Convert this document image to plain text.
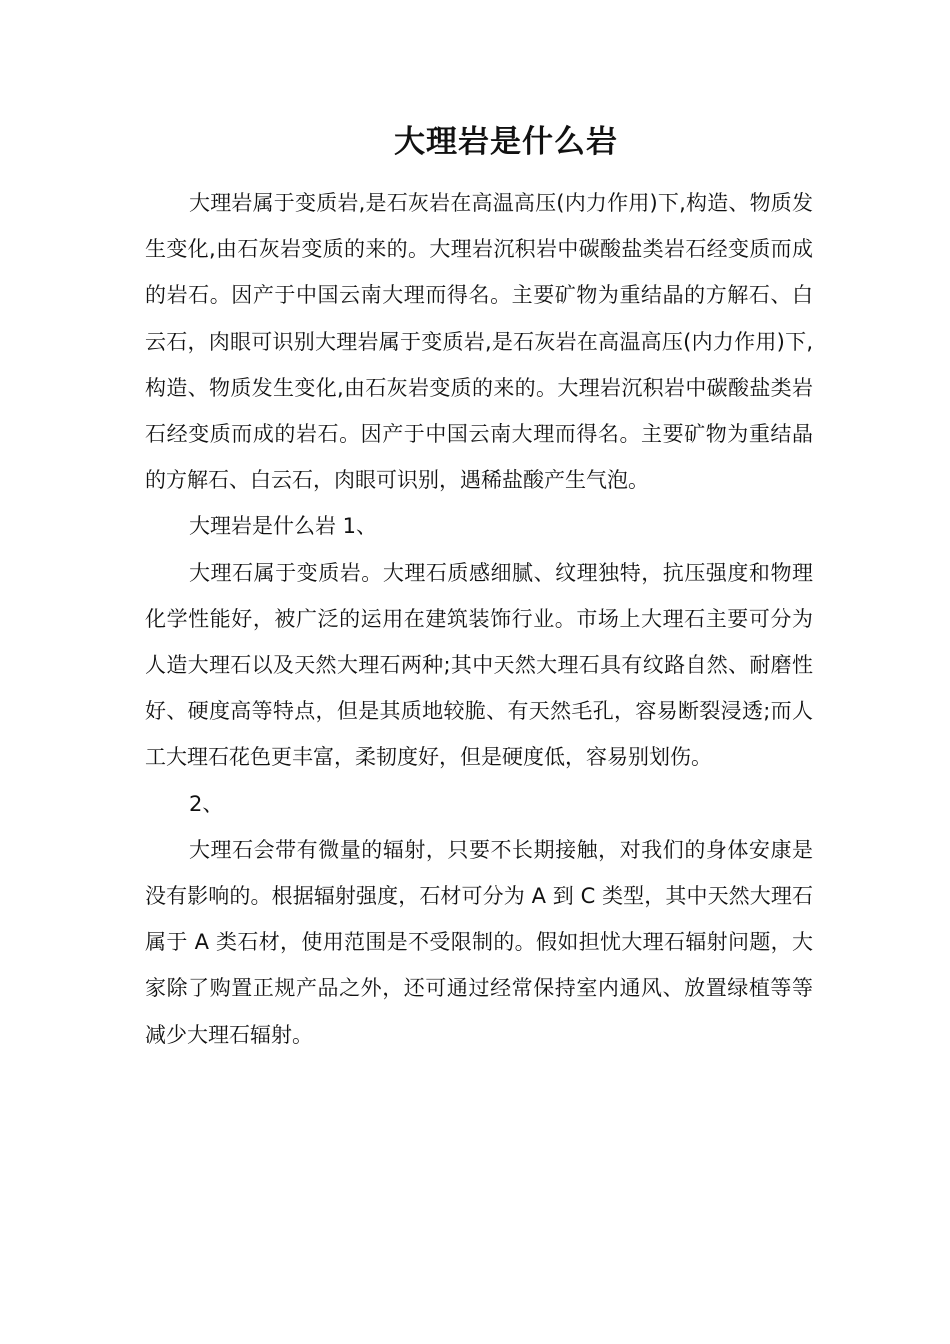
大理岩是什么岩

大理岩属于变质岩,是石灰岩在高温高压(内力作用)下,构造、物质发生变化,由石灰岩变质的来的。大理岩沉积岩中碳酸盐类岩石经变质而成的岩石。因产于中国云南大理而得名。主要矿物为重结晶的方解石、白云石，肉眼可识别大理岩属于变质岩,是石灰岩在高温高压(内力作用)下,构造、物质发生变化,由石灰岩变质的来的。大理岩沉积岩中碳酸盐类岩石经变质而成的岩石。因产于中国云南大理而得名。主要矿物为重结晶的方解石、白云石，肉眼可识别，遇稀盐酸产生气泡。

大理岩是什么岩 1、

大理石属于变质岩。大理石质感细腻、纹理独特，抗压强度和物理化学性能好，被广泛的运用在建筑装饰行业。市场上大理石主要可分为人造大理石以及天然大理石两种;其中天然大理石具有纹路自然、耐磨性好、硬度高等特点，但是其质地较脆、有天然毛孔，容易断裂浸透;而人工大理石花色更丰富，柔韧度好，但是硬度低，容易别划伤。

2、

大理石会带有微量的辐射，只要不长期接触，对我们的身体安康是没有影响的。根据辐射强度，石材可分为 A 到 C 类型，其中天然大理石属于 A 类石材，使用范围是不受限制的。假如担忧大理石辐射问题，大家除了购置正规产品之外，还可通过经常保持室内通风、放置绿植等等减少大理石辐射。
